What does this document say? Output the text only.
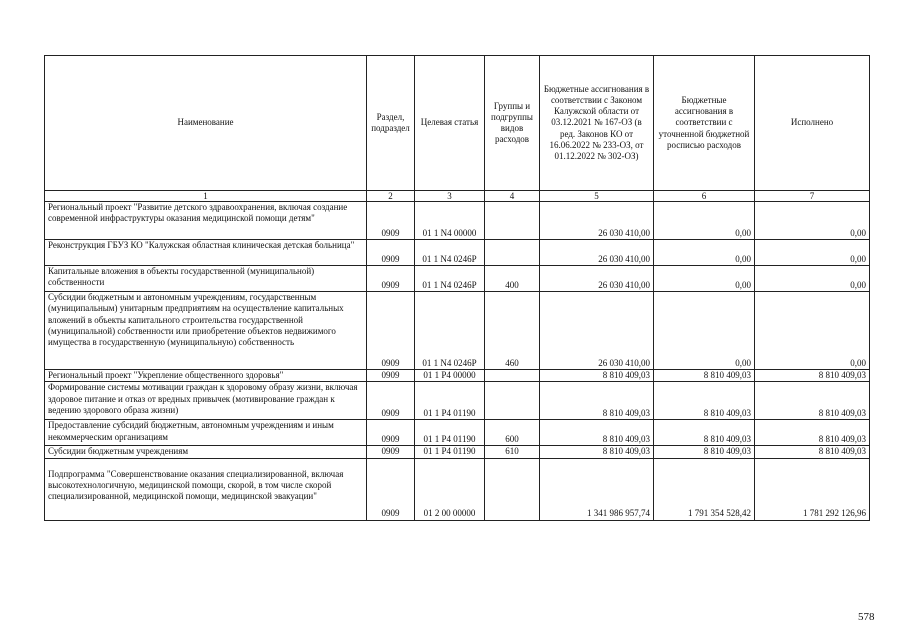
Наименование	Раздел, подраздел	Целевая статья	Группы и подгруппы видов расходов	Бюджетные ассигнования в соответствии с Законом Калужской области от 03.12.2021 № 167-ОЗ (в ред. Законов КО от 16.06.2022 № 233-ОЗ, от 01.12.2022 № 302-ОЗ)	Бюджетные ассигнования в соответствии с уточненной бюджетной росписью расходов	Исполнено
1	2	3	4	5	6	7
Региональный проект "Развитие детского здравоохранения, включая создание современной инфраструктуры оказания медицинской помощи детям"	0909	01 1 N4 00000		26 030 410,00	0,00	0,00
Реконструкция ГБУЗ КО "Калужская областная клиническая детская больница"	0909	01 1 N4 0246P		26 030 410,00	0,00	0,00
Капитальные вложения в объекты государственной (муниципальной) собственности	0909	01 1 N4 0246P	400	26 030 410,00	0,00	0,00
Субсидии бюджетным и автономным учреждениям, государственным (муниципальным) унитарным предприятиям на осуществление капитальных вложений в объекты капитального строительства государственной (муниципальной) собственности или приобретение объектов недвижимого имущества в государственную (муниципальную) собственность	0909	01 1 N4 0246P	460	26 030 410,00	0,00	0,00
Региональный проект "Укрепление общественного здоровья"	0909	01 1 P4 00000		8 810 409,03	8 810 409,03	8 810 409,03
Формирование системы мотивации граждан к здоровому образу жизни, включая здоровое питание и отказ от вредных привычек (мотивирование граждан к ведению здорового образа жизни)	0909	01 1 P4 01190		8 810 409,03	8 810 409,03	8 810 409,03
Предоставление субсидий бюджетным, автономным учреждениям и иным некоммерческим организациям	0909	01 1 P4 01190	600	8 810 409,03	8 810 409,03	8 810 409,03
Субсидии бюджетным учреждениям	0909	01 1 P4 01190	610	8 810 409,03	8 810 409,03	8 810 409,03
Подпрограмма "Совершенствование оказания специализированной, включая высокотехнологичную, медицинской помощи, скорой, в том числе скорой специализированной, медицинской помощи, медицинской эвакуации"	0909	01 2 00 00000		1 341 986 957,74	1 791 354 528,42	1 781 292 126,96
578
